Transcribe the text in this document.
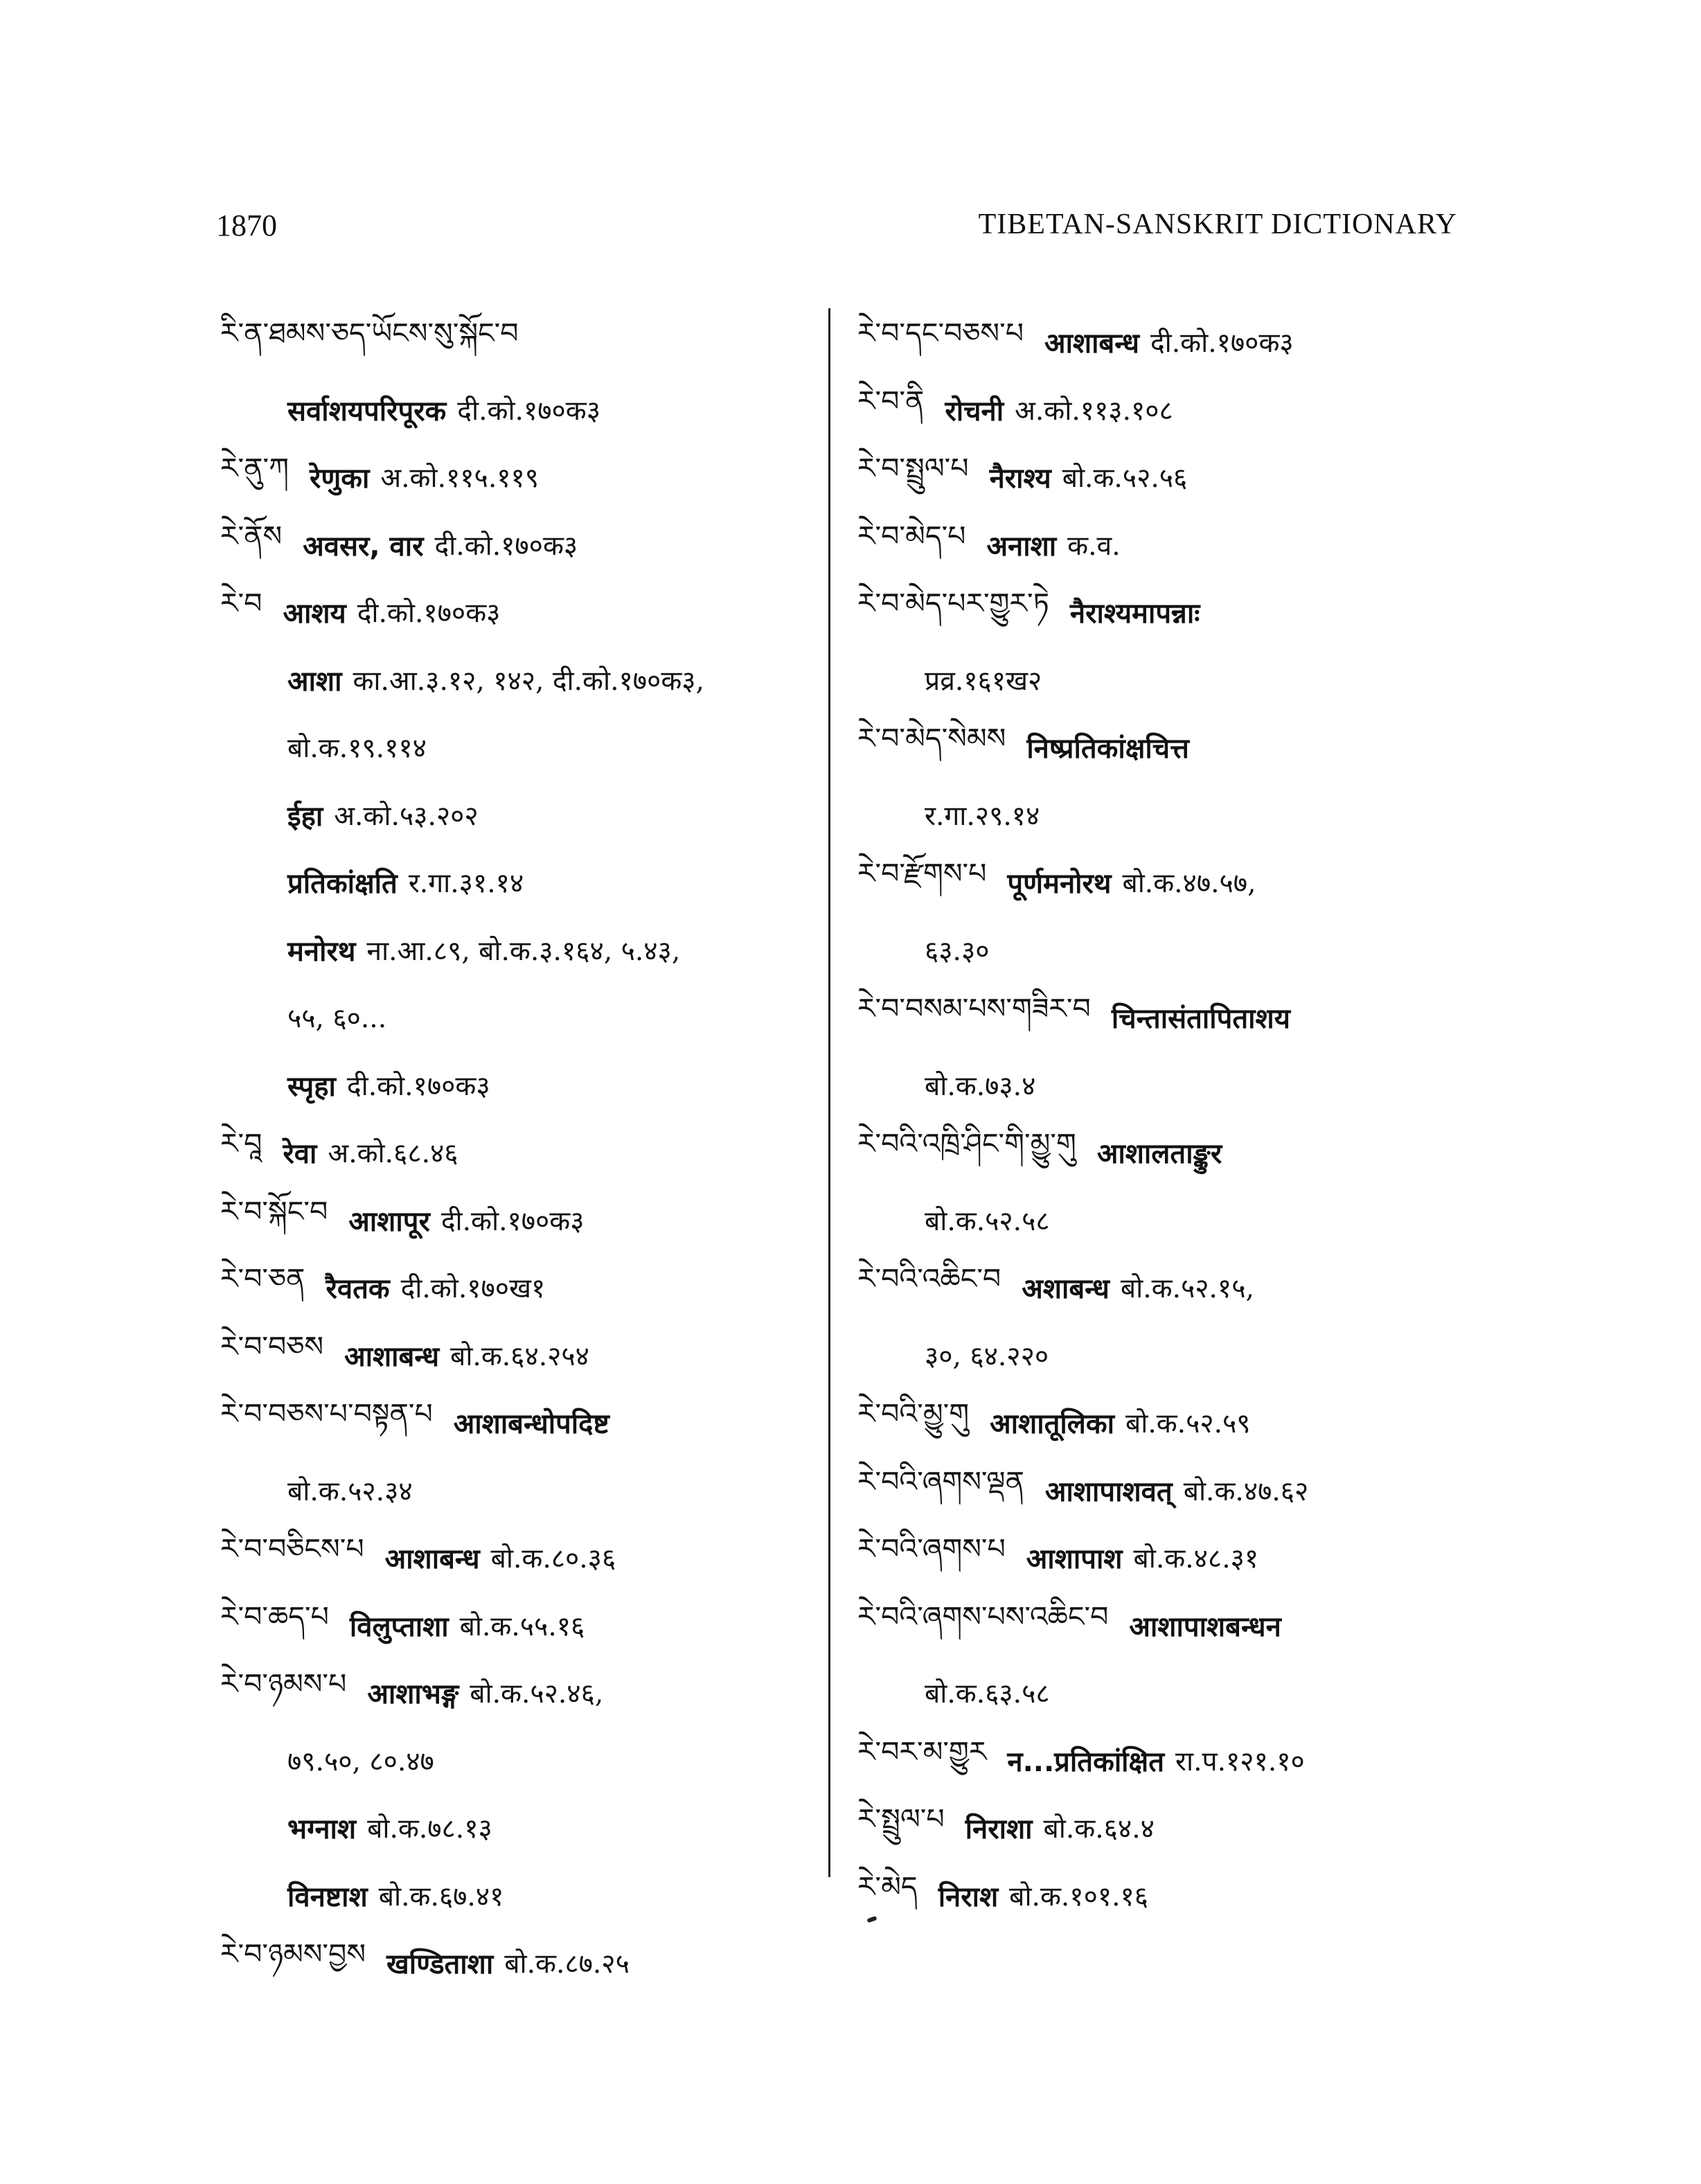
1870	TIBETAN-SANSKRIT DICTIONARY
རི་ན་ཐམས་ཅད་ཡོངས་སུ་སྐོང་བ
सर्वाशयपरिपूरक दी.को.१७०क३
རེ་ནུ་ཀ रेणुका अ.को.११५.११९
རེ་ནོས अवसर, वार दी.को.१७०क३
རེ་བ आशय दी.को.१७०क३
आशा का.आ.३.१२, १४२, दी.को.१७०क३,
बो.क.१९.११४
ईहा अ.को.५३.२०२
प्रतिकांक्षति र.गा.३१.१४
मनोरथ ना.आ.८९, बो.क.३.१६४, ५.४३,
५५, ६०...
स्पृहा दी.को.१७०क३
རེ་བཱ रेवा अ.को.६८.४६
རེ་བ་སྐོང་བ आशापूर दी.को.१७०क३
རེ་བ་ཅན रैवतक दी.को.१७०ख१
རེ་བ་བཅས आशाबन्ध बो.क.६४.२५४
རེ་བ་བཅས་པ་བསྟན་པ आशाबन्धोपदिष्ट
बो.क.५२.३४
རེ་བ་བཅིངས་པ आशाबन्ध बो.क.८०.३६
རེ་བ་ཆད་པ विलुप्ताशा बो.क.५५.१६
རེ་བ་ཉམས་པ आशाभङ्ग बो.क.५२.४६,
७९.५०, ८०.४७
भग्नाश बो.क.७८.१३
विनष्टाश बो.क.६७.४१
རེ་བ་ཉམས་བྱས खण्डिताशा बो.क.८७.२५
རེ་བ་དང་བཅས་པ आशाबन्ध दी.को.१७०क३
རེ་བ་ནི रोचनी अ.को.११३.१०८
རེ་བ་སྤྲུལ་པ नैराश्य बो.क.५२.५६
རེ་བ་མེད་པ अनाशा क.व.
རེ་བ་མེད་པར་གྱུར་ཏེ नैराश्यमापन्नाः
प्रव्र.१६१ख२
རེ་བ་མེད་སེམས निष्प्रतिकांक्षचित्त
र.गा.२९.१४
རེ་བ་རྫོགས་པ पूर्णमनोरथ बो.क.४७.५७,
६३.३०
རེ་བ་བསམ་པས་གཟིར་བ चिन्तासंतापिताशय
बो.क.७३.४
རེ་བའི་འཁྲི་ཤིང་གི་མྱུ་གུ आशालताङ्कुर
बो.क.५२.५८
རེ་བའི་འཆིང་བ अशाबन्ध बो.क.५२.१५,
३०, ६४.२२०
རེ་བའི་མྱུ་གུ आशातूलिका बो.क.५२.५९
རེ་བའི་ཞགས་ལྡན आशापाशवत् बो.क.४७.६२
རེ་བའི་ཞགས་པ आशापाश बो.क.४८.३१
རེ་བའི་ཞགས་པས་འཆིང་བ आशापाशबन्धन
बो.क.६३.५८
རེ་བར་མ་གྱུར न...प्रतिकांक्षित रा.प.१२१.१०
རེ་སྤྲུལ་པ निराशा बो.क.६४.४
རེ་མེད निराश बो.क.१०१.१६
